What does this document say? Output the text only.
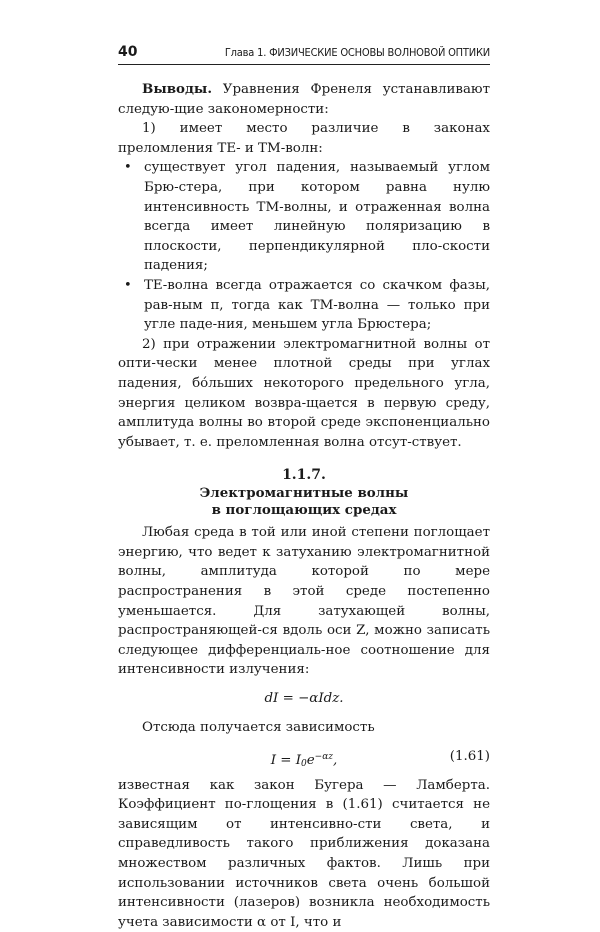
40	Глава 1. ФИЗИЧЕСКИЕ ОСНОВЫ ВОЛНОВОЙ ОПТИКИ

Выводы. Уравнения Френеля устанавливают следую-щие закономерности:

1) имеет место различие в законах преломления ТЕ- и ТМ-волн:

• существует угол падения, называемый углом Брю-стера, при котором равна нулю интенсивность ТМ-волны, и отраженная волна всегда имеет линейную поляризацию в плоскости, перпендикулярной пло-скости падения;
• ТЕ-волна всегда отражается со скачком фазы, рав-ным π, тогда как ТМ-волна — только при угле паде-ния, меньшем угла Брюстера;

2) при отражении электромагнитной волны от опти-чески менее плотной среды при углах падения, бо́льших некоторого предельного угла, энергия целиком возвра-щается в первую среду, амплитуда волны во второй среде экспоненциально убывает, т. е. преломленная волна отсут-ствует.

1.1.7.
Электромагнитные волны
в поглощающих средах

Любая среда в той или иной степени поглощает энергию, что ведет к затуханию электромагнитной волны, амплитуда которой по мере распространения в этой среде постепенно уменьшается. Для затухающей волны, распространяющей-ся вдоль оси Z, можно записать следующее дифференциаль-ное соотношение для интенсивности излучения:

dI = −αIdz.

Отсюда получается зависимость

$I = I_0e^{-\alpha z}$,	(1.61)

известная как закон Бугера — Ламберта. Коэффициент по-глощения в (1.61) считается не зависящим от интенсивно-сти света, и справедливость такого приближения доказана множеством различных фактов. Лишь при использовании источников света очень большой интенсивности (лазеров) возникла необходимость учета зависимости α от I, что и
